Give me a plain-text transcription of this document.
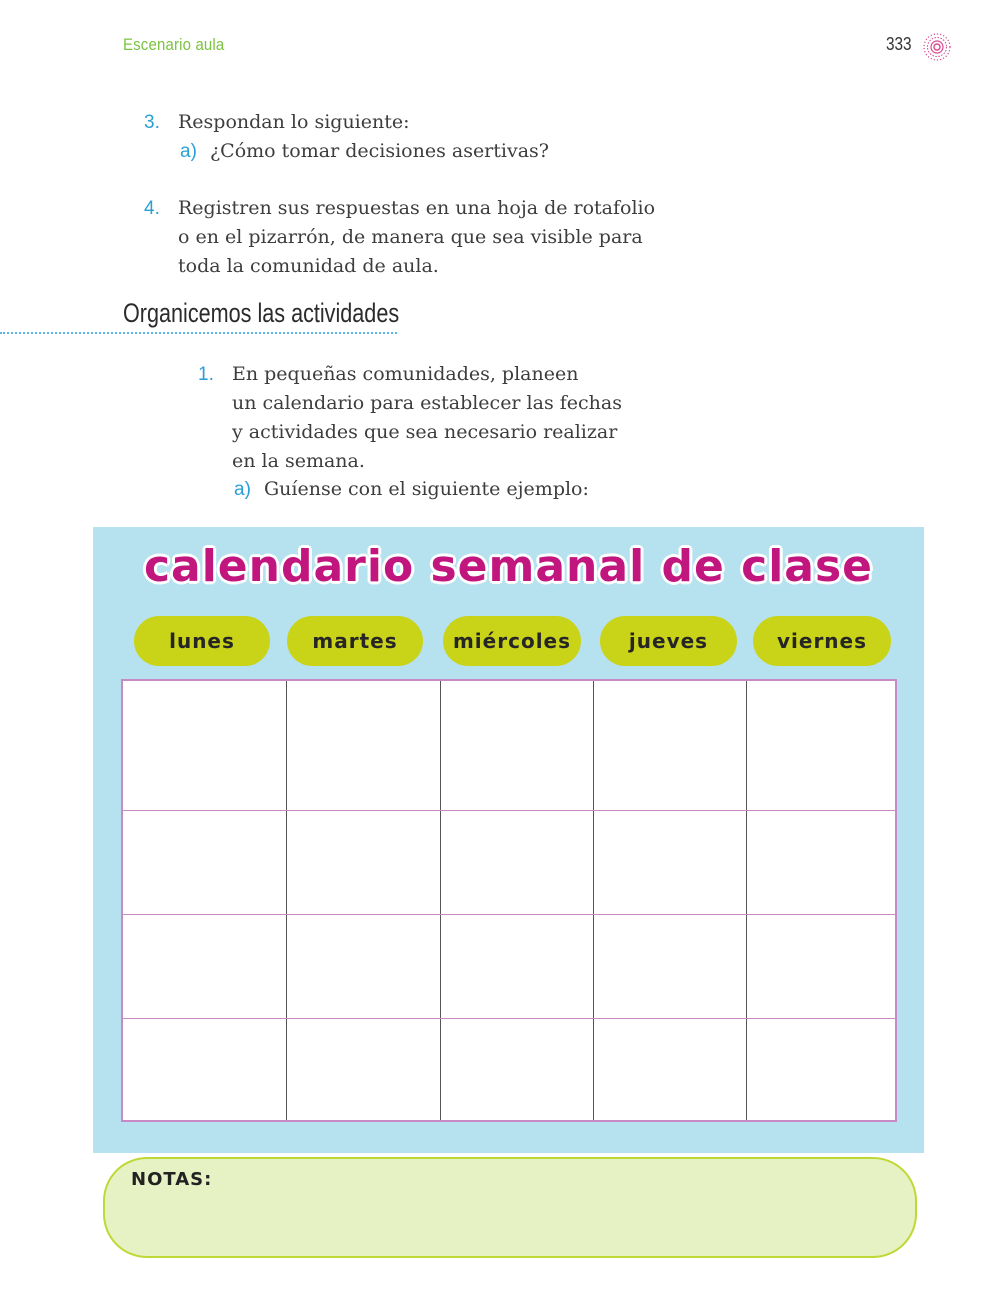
Escenario aula	333
3. Respondan lo siguiente:
a) ¿Cómo tomar decisiones asertivas?
4. Registren sus respuestas en una hoja de rotafolio
o en el pizarrón, de manera que sea visible para
toda la comunidad de aula.
Organicemos las actividades
1. En pequeñas comunidades, planeen
un calendario para establecer las fechas
y actividades que sea necesario realizar
en la semana.
a) Guíense con el siguiente ejemplo:
calendario semanal de clase
lunes	martes	miércoles	jueves	viernes
NOTAS:
